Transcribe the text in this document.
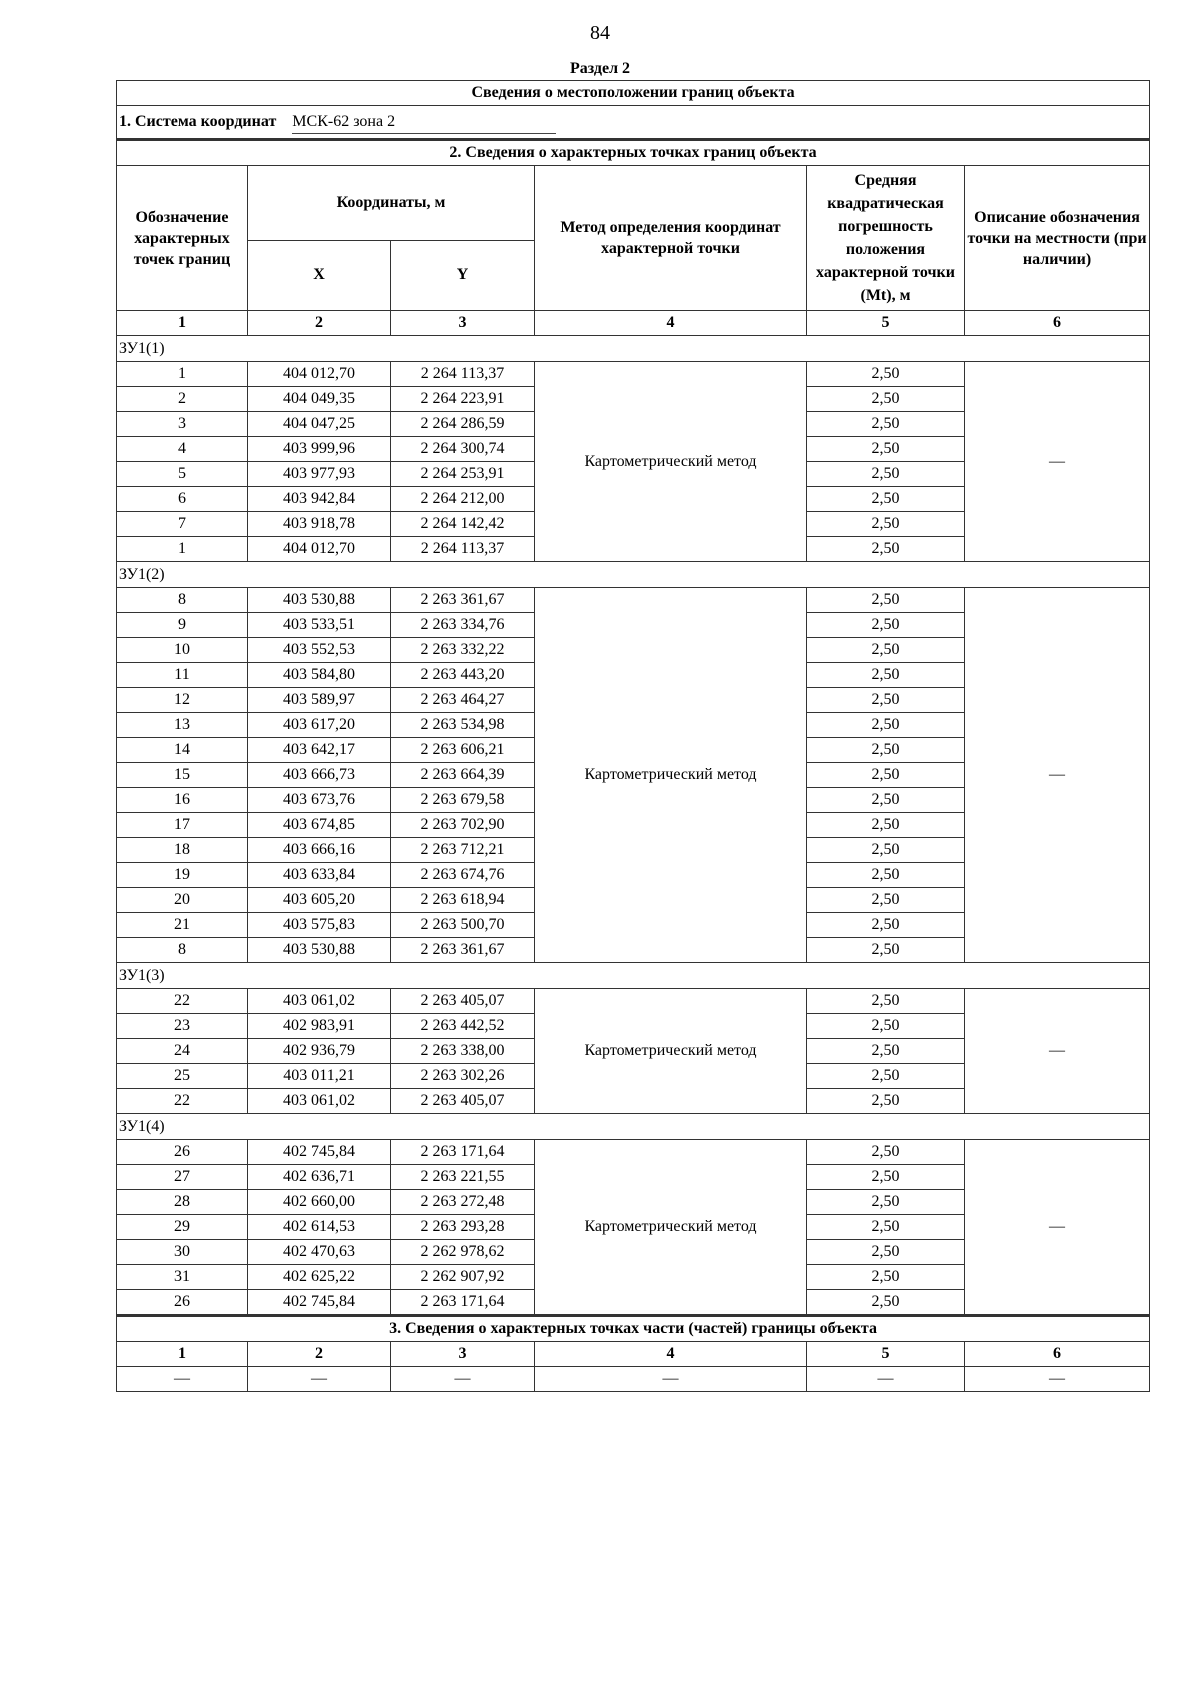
84
Раздел 2
Сведения о местоположении границ объекта					
1. Система координат МСК-62 зона 2					
2. Сведения о характерных точках границ объекта					
Обозначение характерных точек границ	Координаты, м		Метод определения координат характерной точки	Средняя квадратическая погрешность положения характерной точки (Mt), м	Описание обозначения точки на местности (при наличии)
	X	Y			
1	2	3	4	5	6
ЗУ1(1)					
1	404 012,70	2 264 113,37	Картометрический метод	2,50	—
2	404 049,35	2 264 223,91		2,50	
3	404 047,25	2 264 286,59		2,50	
4	403 999,96	2 264 300,74		2,50	
5	403 977,93	2 264 253,91		2,50	
6	403 942,84	2 264 212,00		2,50	
7	403 918,78	2 264 142,42		2,50	
1	404 012,70	2 264 113,37		2,50	
ЗУ1(2)					
8	403 530,88	2 263 361,67	Картометрический метод	2,50	—
9	403 533,51	2 263 334,76		2,50	
10	403 552,53	2 263 332,22		2,50	
11	403 584,80	2 263 443,20		2,50	
12	403 589,97	2 263 464,27		2,50	
13	403 617,20	2 263 534,98		2,50	
14	403 642,17	2 263 606,21		2,50	
15	403 666,73	2 263 664,39		2,50	
16	403 673,76	2 263 679,58		2,50	
17	403 674,85	2 263 702,90		2,50	
18	403 666,16	2 263 712,21		2,50	
19	403 633,84	2 263 674,76		2,50	
20	403 605,20	2 263 618,94		2,50	
21	403 575,83	2 263 500,70		2,50	
8	403 530,88	2 263 361,67		2,50	
ЗУ1(3)					
22	403 061,02	2 263 405,07	Картометрический метод	2,50	—
23	402 983,91	2 263 442,52		2,50	
24	402 936,79	2 263 338,00		2,50	
25	403 011,21	2 263 302,26		2,50	
22	403 061,02	2 263 405,07		2,50	
ЗУ1(4)					
26	402 745,84	2 263 171,64	Картометрический метод	2,50	—
27	402 636,71	2 263 221,55		2,50	
28	402 660,00	2 263 272,48		2,50	
29	402 614,53	2 263 293,28		2,50	
30	402 470,63	2 262 978,62		2,50	
31	402 625,22	2 262 907,92		2,50	
26	402 745,84	2 263 171,64		2,50	
3. Сведения о характерных точках части (частей) границы объекта					
1	2	3	4	5	6
—	—	—	—	—	—
